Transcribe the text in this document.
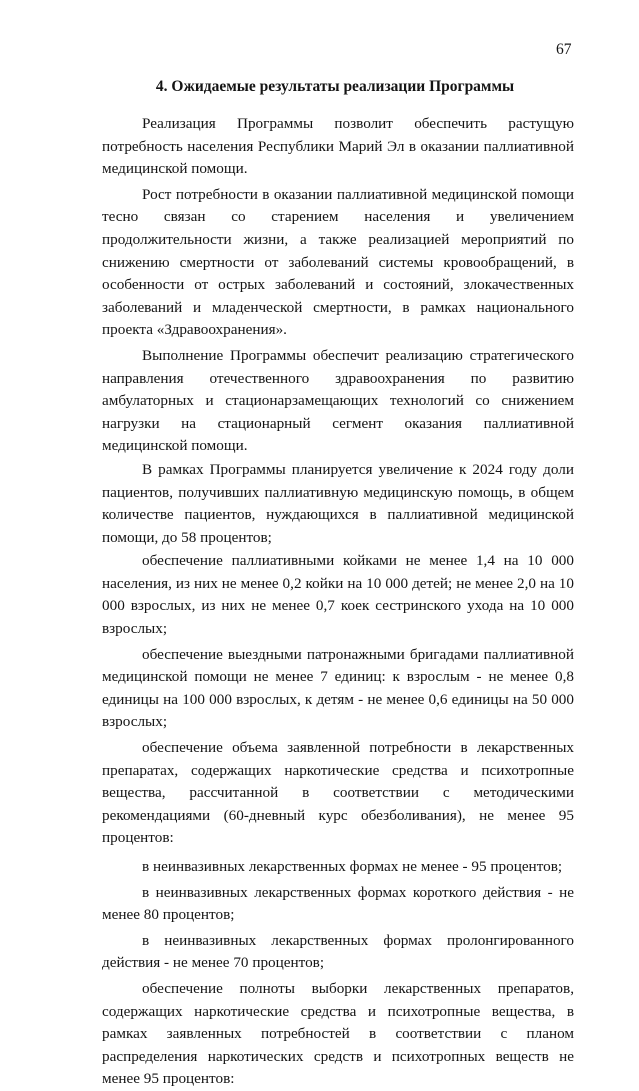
67
4. Ожидаемые результаты реализации Программы

Реализация Программы позволит обеспечить растущую потребность населения Республики Марий Эл в оказании паллиативной медицинской помощи.

Рост потребности в оказании паллиативной медицинской помощи тесно связан со старением населения и увеличением продолжительности жизни, а также реализацией мероприятий по снижению смертности от заболеваний системы кровообращений, в особенности от острых заболеваний и состояний, злокачественных заболеваний и младенческой смертности, в рамках национального проекта «Здравоохранения».

Выполнение Программы обеспечит реализацию стратегического направления отечественного здравоохранения по развитию амбулаторных и стационарзамещающих технологий со снижением нагрузки на стационарный сегмент оказания паллиативной медицинской помощи.

В рамках Программы планируется увеличение к 2024 году доли пациентов, получивших паллиативную медицинскую помощь, в общем количестве пациентов, нуждающихся в паллиативной медицинской помощи, до 58 процентов;

обеспечение паллиативными койками не менее 1,4 на 10 000 населения, из них не менее 0,2 койки на 10 000 детей; не менее 2,0 на 10 000 взрослых, из них не менее 0,7 коек сестринского ухода на 10 000 взрослых;

обеспечение выездными патронажными бригадами паллиативной медицинской помощи не менее 7 единиц: к взрослым - не менее 0,8 единицы на 100 000 взрослых, к детям - не менее 0,6 единицы на 50 000 взрослых;

обеспечение объема заявленной потребности в лекарственных препаратах, содержащих наркотические средства и психотропные вещества, рассчитанной в соответствии с методическими рекомендациями (60-дневный курс обезболивания), не менее 95 процентов:

в неинвазивных лекарственных формах не менее - 95 процентов;

в неинвазивных лекарственных формах короткого действия - не менее 80 процентов;

в неинвазивных лекарственных формах пролонгированного действия - не менее 70 процентов;

обеспечение полноты выборки лекарственных препаратов, содержащих наркотические средства и психотропные вещества, в рамках заявленных потребностей в соответствии с планом распределения наркотических средств и психотропных веществ не менее 95 процентов:
